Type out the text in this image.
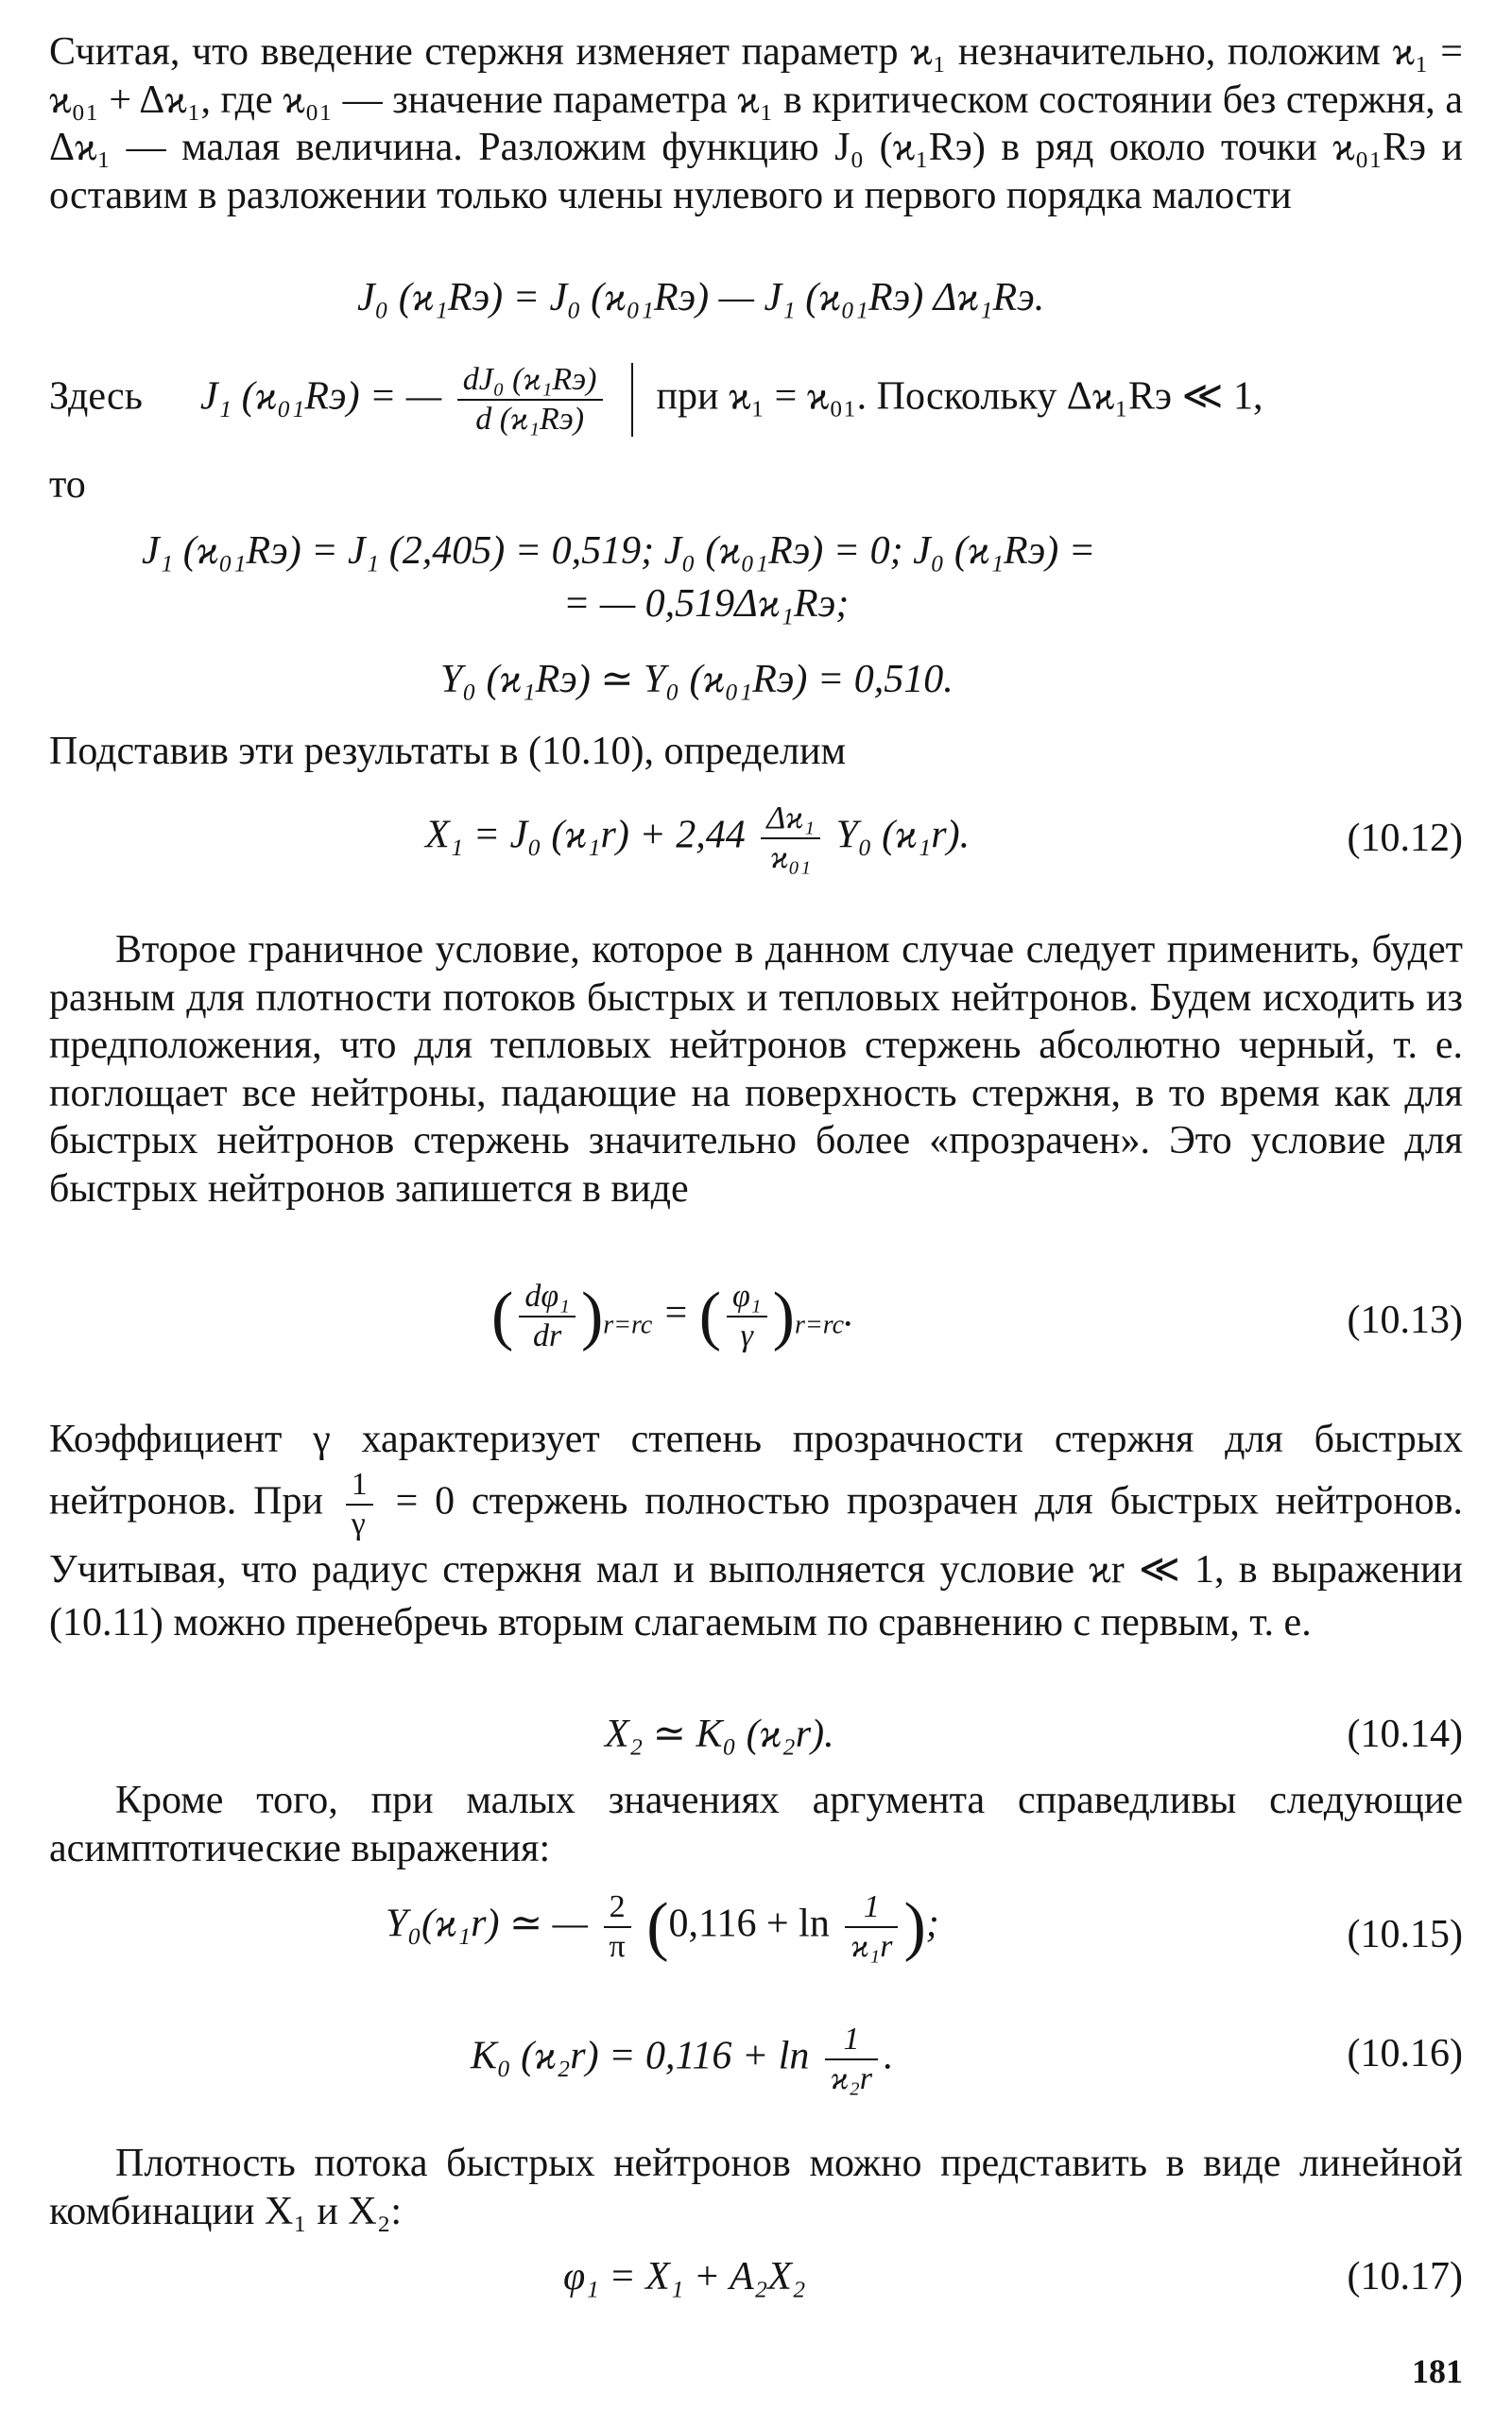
Считая, что введение стержня изменяет параметр ϰ₁ незначительно, положим ϰ₁ = ϰ₀₁ + Δϰ₁, где ϰ₀₁ — значение параметра ϰ₁ в критическом состоянии без стержня, а Δϰ₁ — малая величина. Разложим функцию J₀ (ϰ₁Rэ) в ряд около точки ϰ₀₁Rэ и оставим в разложении только члены нулевого и первого порядка малости

J₀ (ϰ₁Rэ) = J₀ (ϰ₀₁Rэ) — J₁ (ϰ₀₁Rэ) Δϰ₁Rэ.
Здесь J₁ (ϰ₀₁Rэ) = — $\frac{\text{dJ₀ (ϰ₁Rэ)}}{\text{d (ϰ₁Rэ)}}$ при ϰ₁ = ϰ₀₁. Поскольку Δϰ₁Rэ ≪ 1,
то
J₁ (ϰ₀₁Rэ) = J₁ (2,405) = 0,519; J₀ (ϰ₀₁Rэ) = 0; J₀ (ϰ₁Rэ) =
= — 0,519Δϰ₁Rэ;
Y₀ (ϰ₁Rэ) ≃ Y₀ (ϰ₀₁Rэ) = 0,510.

Подставив эти результаты в (10.10), определим

X₁ = J₀ $(ϰ_1r) + 2,44 \frac{\text{Δϰ₁}}{\text{ϰ₀₁}} Y_0$ (ϰ₁r).	(10.12)

Второе граничное условие, которое в данном случае следует применить, будет разным для плотности потоков быстрых и тепловых нейтронов. Будем исходить из предположения, что для тепловых нейтронов стержень абсолютно черный, т. е. поглощает все нейтроны, падающие на поверхность стержня, в то время как для быстрых нейтронов стержень значительно более «прозрачен». Это условие для быстрых нейтронов запишется в виде

( $\frac{\text{dφ₁}}{dr} )_{r=rc}$ = ( $\frac{\text{φ₁}}{\gamma} )_{r=rc}$.	(10.13)

Коэффициент γ характеризует степень прозрачности стержня для быстрых нейтронов. При $\frac{1}{\gamma} = 0$ стержень полностью прозрачен для быстрых нейтронов. Учитывая, что радиус стержня мал и выполняется условие ϰr ≪ 1, в выражении (10.11) можно пренебречь вторым слагаемым по сравнению с первым, т. е.

X₂ ≃ K₀ (ϰ₂r).	(10.14)

Кроме того, при малых значениях аргумента справедливы следующие асимптотические выражения:

Y₀(ϰ₁r) ≃ — $\frac{2}{\pi} (0,116 + \ln \frac{1}{\text{ϰ₁r}}$ );	(10.15)
K₀ $(ϰ_2r) = 0,116 + \ln \frac{1}{\text{ϰ₂r}}$ .	(10.16)

Плотность потока быстрых нейтронов можно представить в виде линейной комбинации X₁ и X₂:

φ₁ = X₁ + A₂X₂	(10.17)
181
